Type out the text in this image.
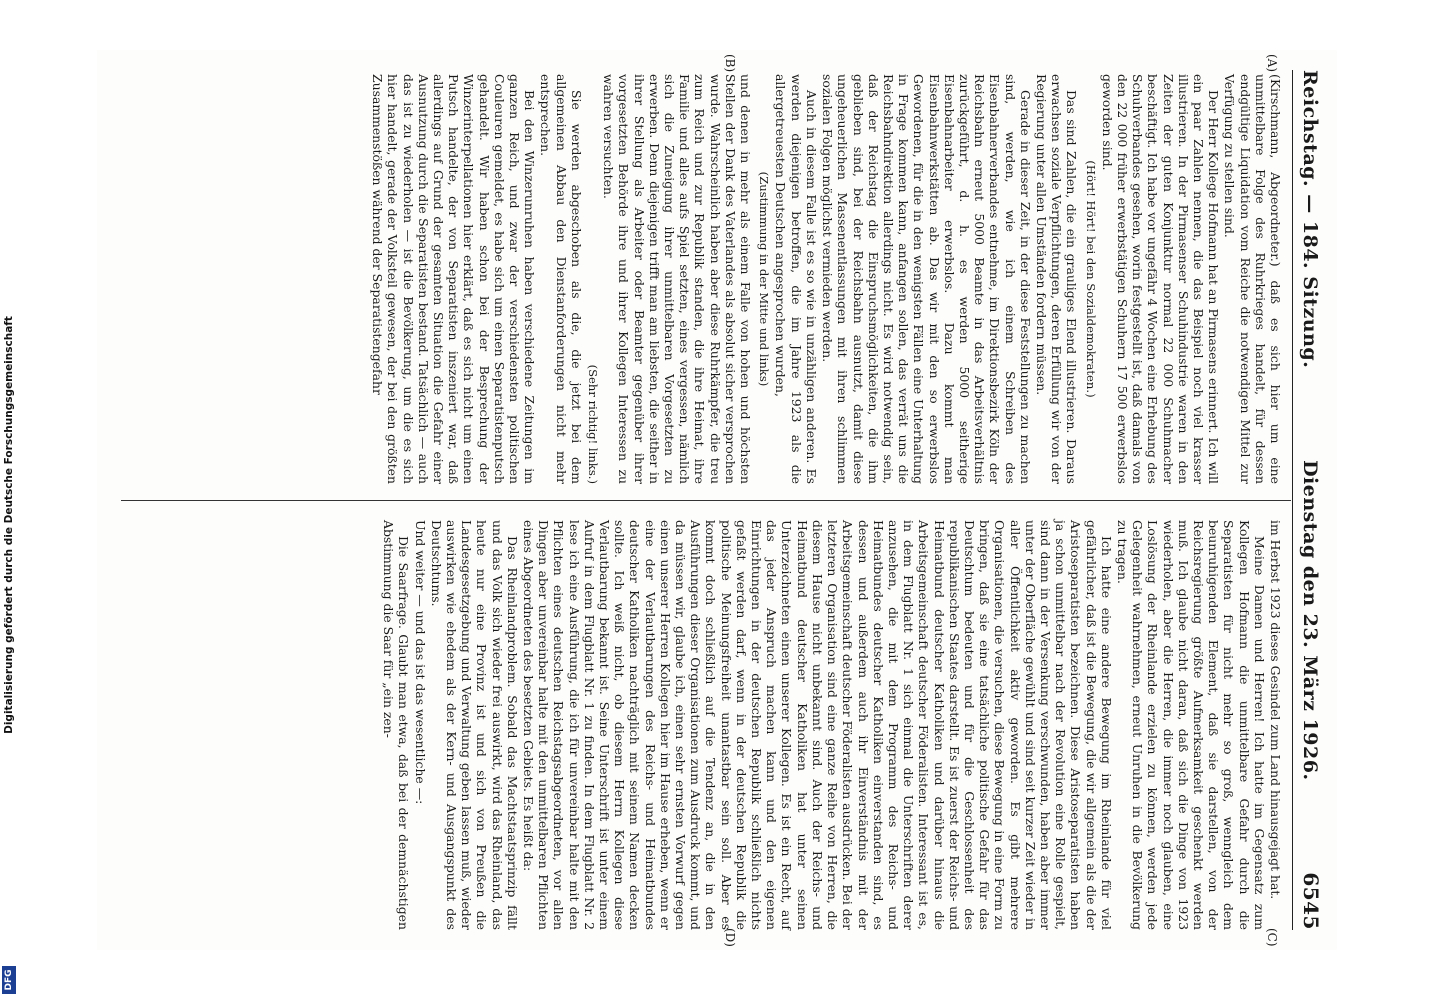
Reichstag. — 184. Sitzung.
Dienstag den 23. März 1926.
6545
(A)
(B)
(C)
(D)

(Kirschmann, Abgeordneter.) daß es sich hier um eine unmittelbare Folge des Ruhrkrieges handelt, für dessen endgültige Liquidation vom Reiche die notwendigen Mittel zur Verfügung zu stellen sind.

Der Herr Kollege Hofmann hat an Pirmasens erinnert. Ich will ein paar Zahlen nennen, die das Beispiel noch viel krasser illustrieren. In der Pirmasenser Schuhindustrie waren in den Zeiten der guten Konjunktur normal 22 000 Schuhmacher beschäftigt. Ich habe vor ungefähr 4 Wochen eine Erhebung des Schuhverbandes gesehen, worin festgestellt ist, daß damals von den 22 000 früher erwerbstätigen Schuhern 17 500 erwerbslos geworden sind.

(Hört! Hört! bei den Sozialdemokraten.)

Das sind Zahlen, die ein grauliges Elend illustrieren. Daraus erwachsen soziale Verpflichtungen, deren Erfüllung wir von der Regierung unter allen Umständen fordern müssen.

Gerade in dieser Zeit, in der diese Feststellungen zu machen sind, werden, wie ich einem Schreiben des Eisenbahnerverbandes entnehme, im Direktionsbezirk Köln der Reichsbahn erneut 5000 Beamte in das Arbeitsverhältnis zurückgeführt, d. h. es werden 5000 seitherige Eisenbahnarbeiter erwerbslos. Dazu kommt man Eisenbahnwerkstätten ab. Das wir mit den so erwerbslos Gewordenen, für die in den wenigsten Fällen eine Unterhaltung in Frage kommen kann, anfangen sollen, das verrät uns die Reichsbahndirektion allerdings nicht. Es wird notwendig sein, daß der Reichstag die Einspruchsmöglichkeiten, die ihm geblieben sind, bei der Reichsbahn ausnutzt, damit diese ungeheuerlichen Massenentlassungen mit ihren schlimmen sozialen Folgen möglichst vermieden werden.

Auch in diesem Falle ist es so wie in unzähligen anderen. Es werden diejenigen betroffen, die im Jahre 1923 als die allergetreuesten Deutschen angesprochen wurden,

(Zustimmung in der Mitte und links)

und denen in mehr als einem Falle von hohen und höchsten Stellen der Dank des Vaterlandes als absolut sicher versprochen wurde. Wahrscheinlich haben aber diese Ruhrkämpfer, die treu zum Reich und zur Republik standen, die ihre Heimat, ihre Familie und alles aufs Spiel setzten, eines vergessen, nämlich sich die Zuneigung ihrer unmittelbaren Vorgesetzten zu erwerben. Denn diejenigen trifft man am liebsten, die seither in ihrer Stellung als Arbeiter oder Beamter gegenüber ihrer vorgesetzten Behörde ihre und ihrer Kollegen Interessen zu wahren versuchten.

(Sehr richtig! links.)

Sie werden abgeschoben als die, die jetzt bei dem allgemeinen Abbau den Dienstanforderungen nicht mehr entsprechen.

Bei den Winzerunruhen haben verschiedene Zeitungen im ganzen Reich, und zwar der verschiedensten politischen Couleuren gemeldet, es habe sich um einen Separatistenputsch gehandelt. Wir haben schon bei der Besprechung der Winzerinterpellationen hier erklärt, daß es sich nicht um einen Putsch handelte, der von Separatisten inszeniert war, daß allerdings auf Grund der gesamten Situation die Gefahr einer Ausnutzung durch die Separatisten bestand. Tatsächlich — auch das ist zu wiederholen — ist die Bevölkerung, um die es sich hier handelt, gerade der Volksteil gewesen, der bei den größten Zusammenstößen während der Separatistengefahr

im Herbst 1923 dieses Gesindel zum Land hinausgejagt hat.

Meine Damen und Herren! Ich hatte im Gegensatz zum Kollegen Hofmann die unmittelbare Gefahr durch die Separatisten für nicht mehr so groß, wenngleich dem beunruhigenden Element, daß sie darstellen, von der Reichsregierung größte Aufmerksamkeit geschenkt werden muß. Ich glaube nicht daran, daß sich die Dinge von 1923 wiederholen, aber die Herren, die immer noch glauben, eine Loslösung der Rheinlande erzielen zu können, werden jede Gelegenheit wahrnehmen, erneut Unruhen in die Bevölkerung zu tragen.

Ich hatte eine andere Bewegung im Rheinlande für viel gefährlicher, daß ist die Bewegung, die wir allgemein als die der Aristoseparatisten bezeichnen. Diese Aristoseparatisten haben ja schon unmittelbar nach der Revolution eine Rolle gespielt, sind dann in der Versenkung verschwunden, haben aber immer unter der Oberfläche gewühlt und sind seit kurzer Zeit wieder in aller Öffentlichkeit aktiv geworden. Es gibt mehrere Organisationen, die versuchen, diese Bewegung in eine Form zu bringen, daß sie eine tatsächliche politische Gefahr für das Deutschtum bedeuten und für die Geschlossenheit des republikanischen Staates darstellt. Es ist zuerst der Reichs- und Heimatbund deutscher Katholiken und darüber hinaus die Arbeitsgemeinschaft deutscher Föderalisten. Interessant ist es, in dem Flugblatt Nr. 1 sich einmal die Unterschriften derer anzusehen, die mit dem Programm des Reichs- und Heimatbundes deutscher Katholiken einverstanden sind, es dessen und außerdem auch ihr Einverständnis mit der Arbeitsgemeinschaft deutscher Föderalisten ausdrücken. Bei der letzteren Organisation sind eine ganze Reihe von Herren, die diesem Hause nicht unbekannt sind. Auch der Reichs- und Heimatbund deutscher Katholiken hat unter seinen Unterzeichneten einen unserer Kollegen. Es ist ein Recht, auf das jeder Anspruch machen kann und den eigenen Einrichtungen in der deutschen Republik schließlich nichts gefaßt werden darf, wenn in der deutschen Republik die politische Meinungsfreiheit unantastbar sein soll. Aber es kommt doch schließlich auf die Tendenz an, die in den Ausführungen dieser Organisationen zum Ausdruck kommt, und da müssen wir, glaube ich, einen sehr ernsten Vorwurf gegen einen unserer Herren Kollegen hier im Hause erheben, wenn er eine der Verlautbarungen des Reichs- und Heimatbundes deutscher Katholiken nachträglich mit seinem Namen decken sollte. Ich weiß nicht, ob diesem Herrn Kollegen diese Verlautbarung bekannt ist. Seine Unterschrift ist unter einem Aufruf in dem Flugblatt Nr. 1 zu finden. In dem Flugblatt Nr. 2 lese ich eine Ausführung, die ich für unvereinbar halte mit den Pflichten eines deutschen Reichstagsabgeordneten, vor allen Dingen aber unvereinbar halte mit den unmittelbaren Pflichten eines Abgeordneten des besetzten Gebiets. Es heißt da:

Das Rheinlandproblem. Sobald das Machtstaatsprinzip fällt und das Volk sich wieder frei auswirkt, wird das Rheinland, das heute nur eine Provinz ist und sich von Preußen die Landesgesetzgebung und Verwaltung geben lassen muß, wieder auswirken wie ehedem als der Kern- und Ausgangspunkt des Deutschtums.

Und weiter — und das ist das wesentliche —:

Die Saarfrage. Glaubt man etwa, daß bei der demnächstigen Abstimmung die Saar für „ein zen-

Digitalisierung gefördert durch die Deutsche Forschungsgemeinschaft
DFG
